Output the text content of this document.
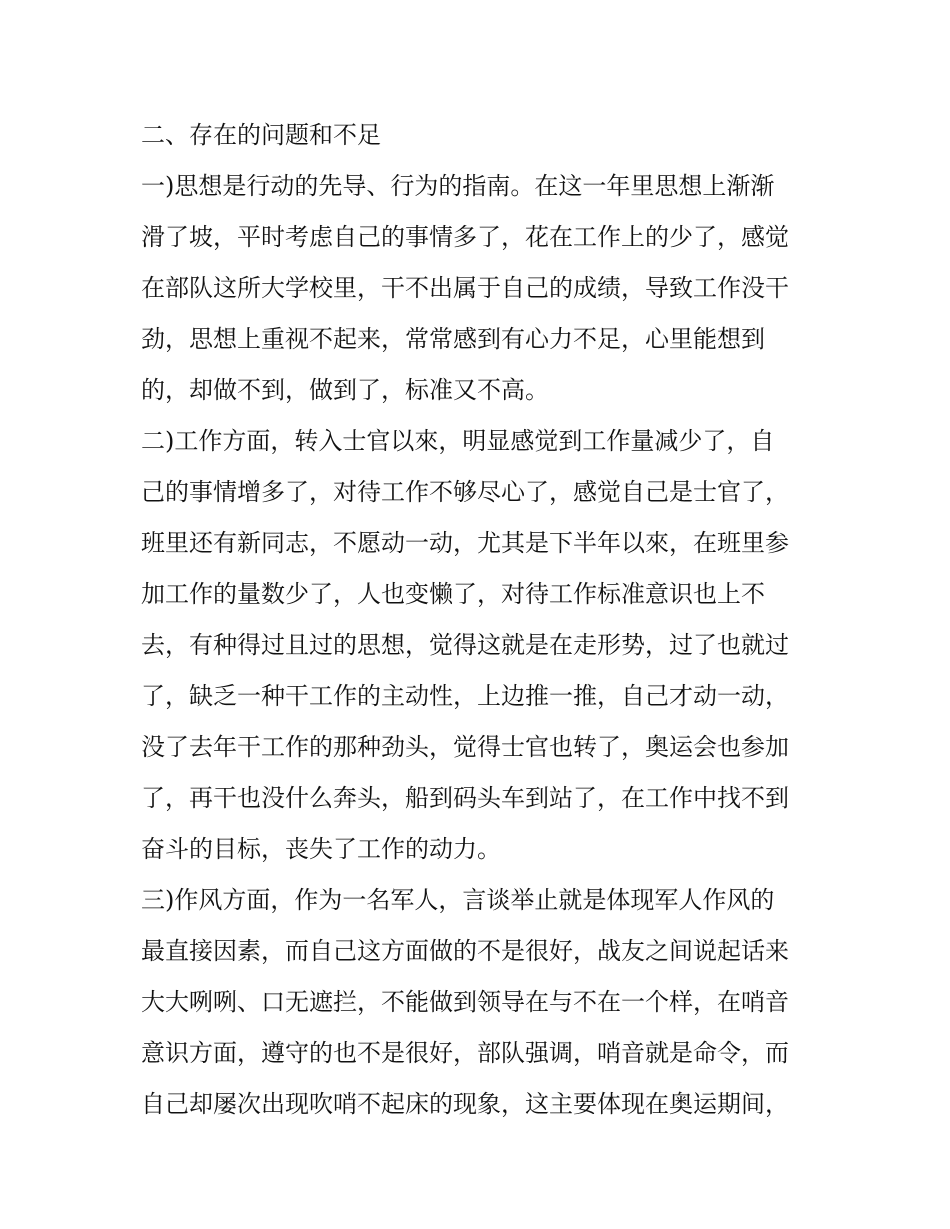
二、存在的问题和不足
一)思想是行动的先导、行为的指南。在这一年里思想上渐渐
滑了坡，平时考虑自己的事情多了，花在工作上的少了，感觉
在部队这所大学校里，干不出属于自己的成绩，导致工作没干
劲，思想上重视不起来，常常感到有心力不足，心里能想到
的，却做不到，做到了，标准又不高。
二)工作方面，转入士官以來，明显感觉到工作量减少了，自
己的事情增多了，对待工作不够尽心了，感觉自己是士官了，
班里还有新同志，不愿动一动，尤其是下半年以來，在班里参
加工作的量数少了，人也变懒了，对待工作标准意识也上不
去，有种得过且过的思想，觉得这就是在走形势，过了也就过
了，缺乏一种干工作的主动性，上边推一推，自己才动一动，
没了去年干工作的那种劲头，觉得士官也转了，奥运会也参加
了，再干也没什么奔头，船到码头车到站了，在工作中找不到
奋斗的目标，丧失了工作的动力。
三)作风方面，作为一名军人，言谈举止就是体现军人作风的
最直接因素，而自己这方面做的不是很好，战友之间说起话来
大大咧咧、口无遮拦，不能做到领导在与不在一个样，在哨音
意识方面，遵守的也不是很好，部队强调，哨音就是命令，而
自己却屡次出现吹哨不起床的现象，这主要体现在奥运期间，
